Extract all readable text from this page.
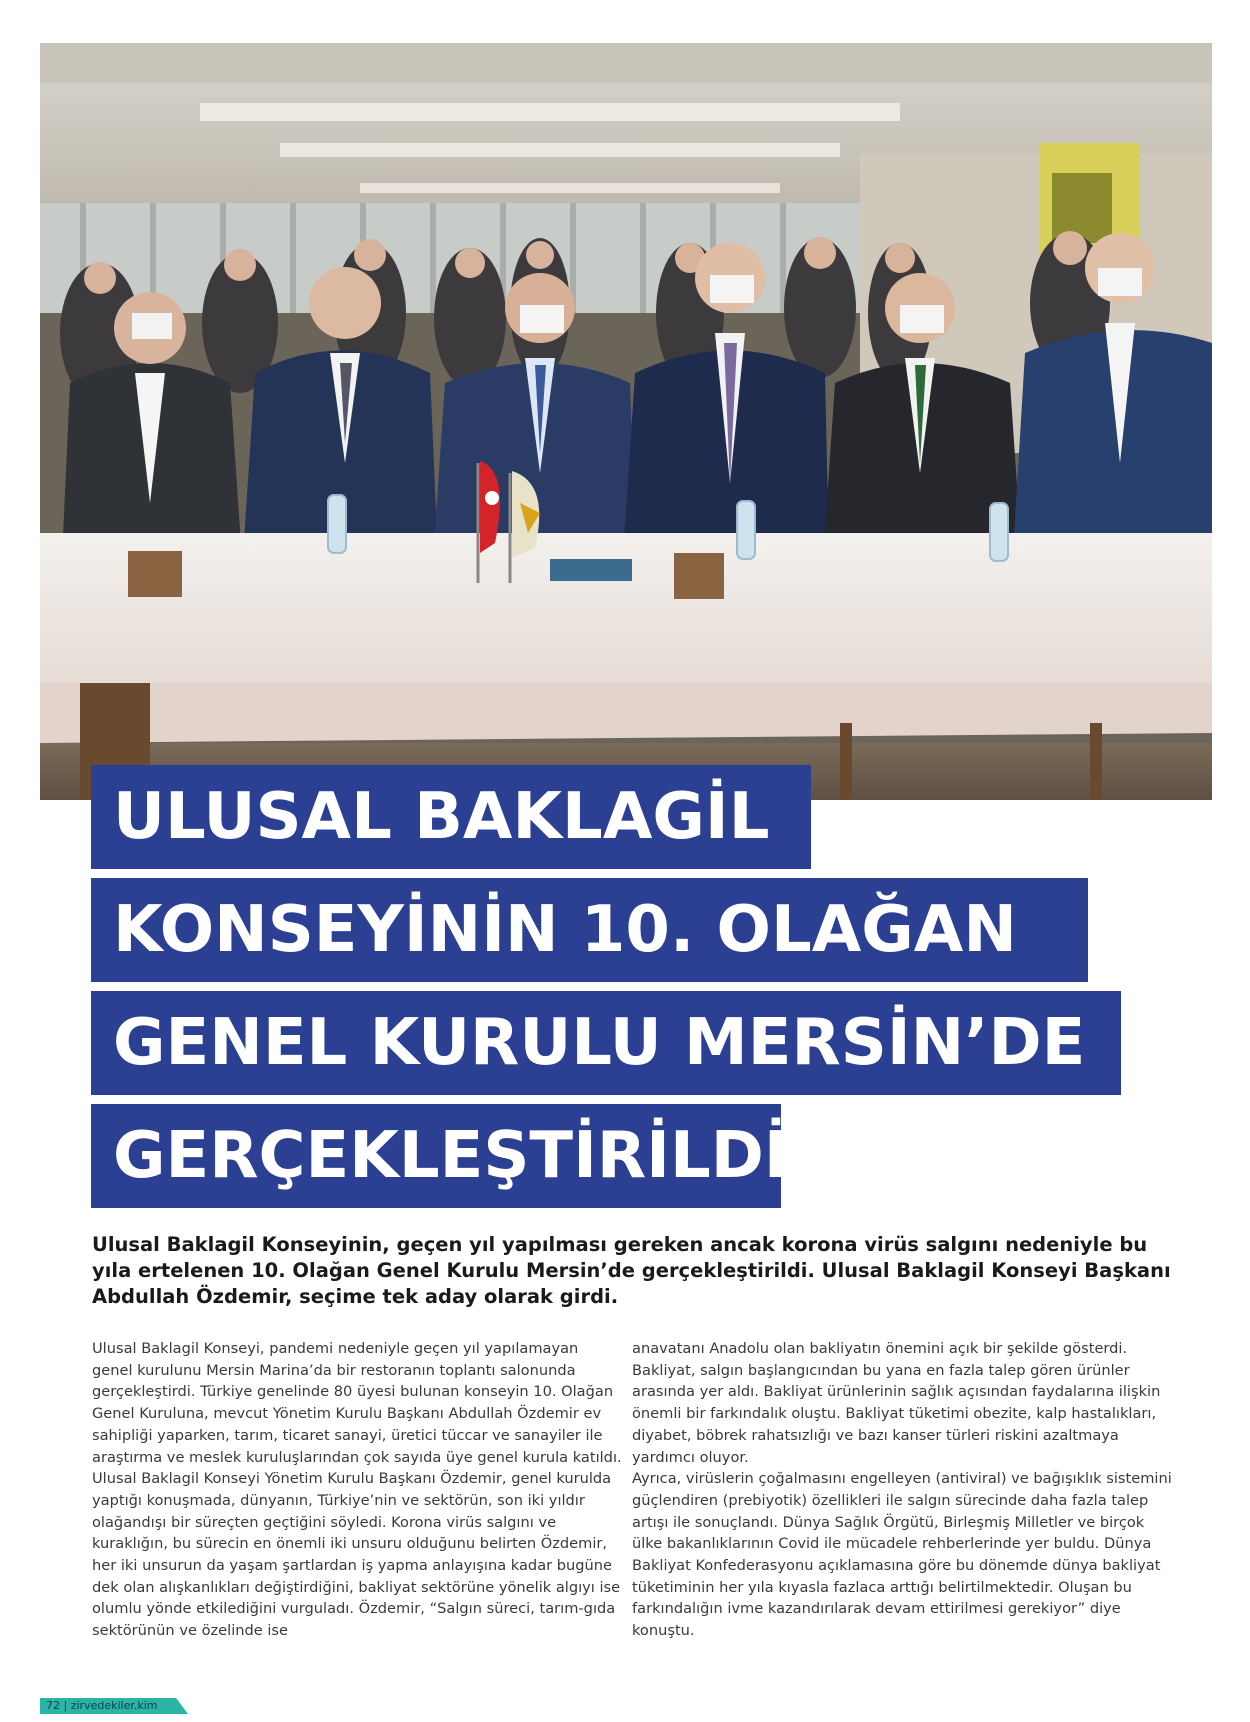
ULUSAL BAKLAGİL
KONSEYİNİN 10. OLAĞAN
GENEL KURULU MERSİN’DE
GERÇEKLEŞTİRİLDİ
Ulusal Baklagil Konseyinin, geçen yıl yapılması gereken ancak korona virüs salgını nedeniyle bu yıla ertelenen 10. Olağan Genel Kurulu Mersin’de gerçekleştirildi. Ulusal Baklagil Konseyi Başkanı Abdullah Özdemir, seçime tek aday olarak girdi.

Ulusal Baklagil Konseyi, pandemi nedeniyle geçen yıl yapılamayan genel kurulunu Mersin Marina’da bir restoranın toplantı salonunda gerçekleştirdi. Türkiye genelinde 80 üyesi bulunan konseyin 10. Olağan Genel Kuruluna, mevcut Yönetim Kurulu Başkanı Abdullah Özdemir ev sahipliği yaparken, tarım, ticaret sanayi, üretici tüccar ve sanayiler ile araştırma ve meslek kuruluşlarından çok sayıda üye genel kurula katıldı. Ulusal Baklagil Konseyi Yönetim Kurulu Başkanı Özdemir, genel kurulda yaptığı konuşmada, dünyanın, Türkiye’nin ve sektörün, son iki yıldır olağandışı bir süreçten geçtiğini söyledi. Korona virüs salgını ve kuraklığın, bu sürecin en önemli iki unsuru olduğunu belirten Özdemir, her iki unsurun da yaşam şartlardan iş yapma anlayışına kadar bugüne dek olan alışkanlıkları değiştirdiğini, bakliyat sektörüne yönelik algıyı ise olumlu yönde etkilediğini vurguladı. Özdemir, “Salgın süreci, tarım-gıda sektörünün ve özelinde ise

anavatanı Anadolu olan bakliyatın önemini açık bir şekilde gösterdi. Bakliyat, salgın başlangıcından bu yana en fazla talep gören ürünler arasında yer aldı. Bakliyat ürünlerinin sağlık açısından faydalarına ilişkin önemli bir farkındalık oluştu. Bakliyat tüketimi obezite, kalp hastalıkları, diyabet, böbrek rahatsızlığı ve bazı kanser türleri riskini azaltmaya yardımcı oluyor.

Ayrıca, virüslerin çoğalmasını engelleyen (antiviral) ve bağışıklık sistemini güçlendiren (prebiyotik) özellikleri ile salgın sürecinde daha fazla talep artışı ile sonuçlandı. Dünya Sağlık Örgütü, Birleşmiş Milletler ve birçok ülke bakanlıklarının Covid ile mücadele rehberlerinde yer buldu. Dünya Bakliyat Konfederasyonu açıklamasına göre bu dönemde dünya bakliyat tüketiminin her yıla kıyasla fazlaca arttığı belirtilmektedir. Oluşan bu farkındalığın ivme kazandırılarak devam ettirilmesi gerekiyor” diye konuştu.

72 | zirvedekiler.kim
